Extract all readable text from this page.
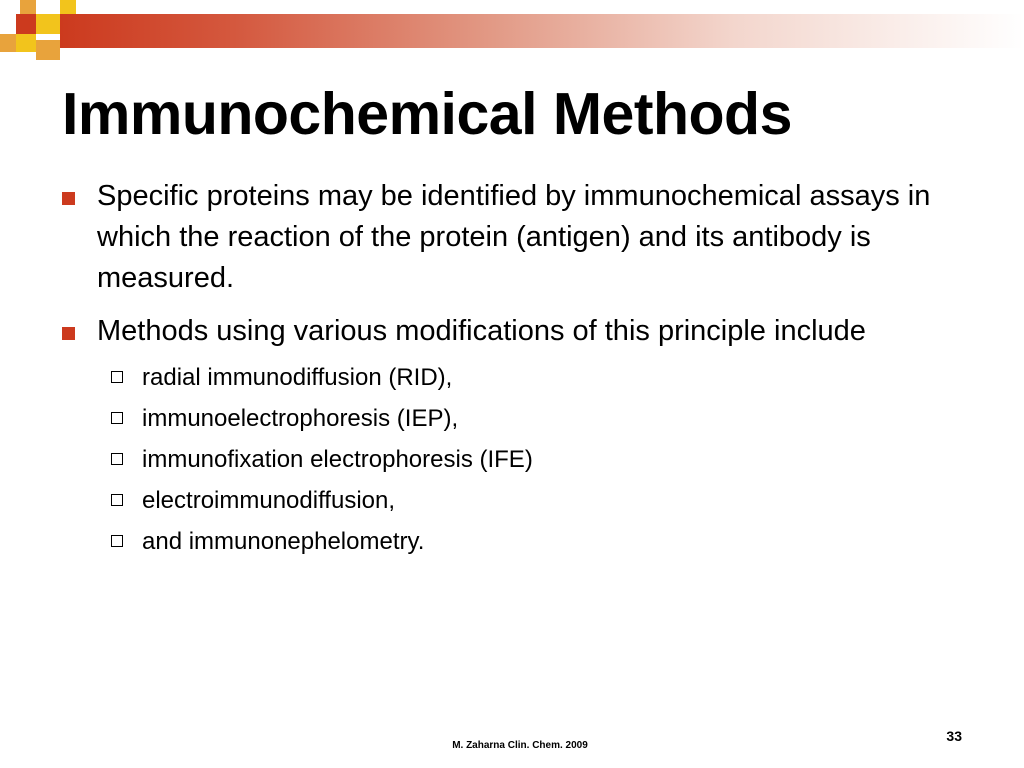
Immunochemical Methods
Specific proteins may be identified by immunochemical assays in which the reaction of the protein (antigen) and its antibody is measured.
Methods using various modifications of this principle include
radial immunodiffusion (RID),
immunoelectrophoresis (IEP),
immunofixation electrophoresis (IFE)
electroimmunodiffusion,
and immunonephelometry.
M. Zaharna Clin. Chem. 2009
33
